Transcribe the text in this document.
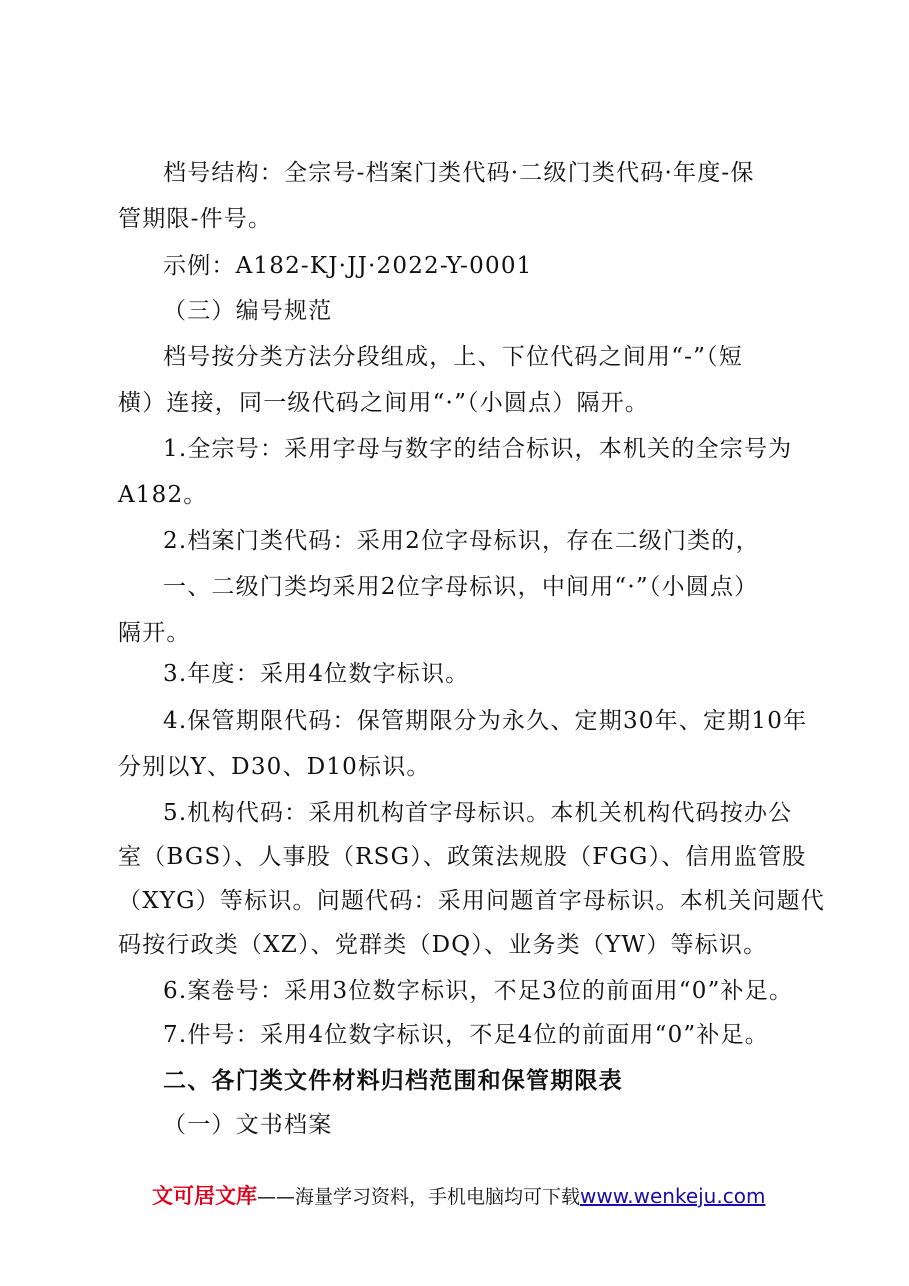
档号结构：全宗号-档案门类代码·二级门类代码·年度-保
管期限-件号。
示例：A182-KJ·JJ·2022-Y-0001
（三）编号规范
档号按分类方法分段组成，上、下位代码之间用“-”（短
横）连接，同一级代码之间用“·”（小圆点）隔开。
1.全宗号：采用字母与数字的结合标识，本机关的全宗号为
A182。
2.档案门类代码：采用2位字母标识，存在二级门类的，
一、二级门类均采用2位字母标识，中间用“·”（小圆点）
隔开。
3.年度：采用4位数字标识。
4.保管期限代码：保管期限分为永久、定期30年、定期10年
分别以Y、D30、D10标识。
5.机构代码：采用机构首字母标识。本机关机构代码按办公
室（BGS）、人事股（RSG）、政策法规股（FGG）、信用监管股
（XYG）等标识。问题代码：采用问题首字母标识。本机关问题代
码按行政类（XZ）、党群类（DQ）、业务类（YW）等标识。
6.案卷号：采用3位数字标识，不足3位的前面用“0”补足。
7.件号：采用4位数字标识，不足4位的前面用“0”补足。
二、各门类文件材料归档范围和保管期限表
（一）文书档案
文可居文库——海量学习资料，手机电脑均可下载www.wenkeju.com
